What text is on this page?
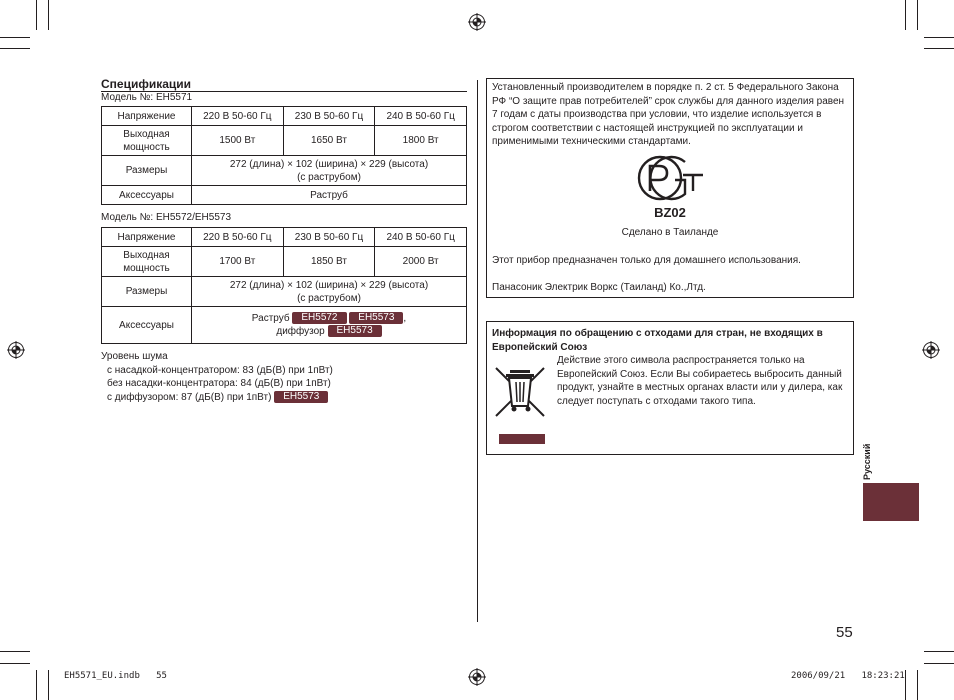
Спецификации
Модель №: EH5571
Напряжение	220 В 50-60 Гц	230 В 50-60 Гц	240 В 50-60 Гц
Выходная мощность	1500 Вт	1650 Вт	1800 Вт
Размеры	272 (длина) × 102 (ширина) × 229 (высота)
(с раструбом)		

Аксессуары	Раструб		
Модель №: EH5572/EH5573
Напряжение	220 В 50-60 Гц	230 В 50-60 Гц	240 В 50-60 Гц
Выходная мощность	1700 Вт	1850 Вт	2000 Вт
Размеры	272 (длина) × 102 (ширина) × 229 (высота)
(с раструбом)		

Аксессуары	Раструб EH5572 EH5573 ,
диффузор EH5573		
Уровень шума
с насадкой-концентратором: 83 (дБ(В) при 1пВт)
без насадки-концентратора: 84 (дБ(В) при 1пВт)
с диффузором: 87 (дБ(В) при 1пВт) EH5573
Установленный производителем в порядке п. 2 ст. 5 Федерального Закона РФ “О защите прав потребителей” срок службы для данного изделия равен 7 годам с даты производства при условии, что изделие используется в строгом соответствии с настоящей инструкцией по эксплуатации и применимыми техническими стандартами.
BZ02
Сделано в Таиланде
Этот прибор предназначен только для домашнего использования.
Панасоник Электрик Воркс (Таиланд) Ко.,Лтд.
Информация по обращению с отходами для стран, не входящих в Европейский Союз
Действие этого символа распространяется только на Европейский Союз. Если Вы собираетесь выбросить данный продукт, узнайте в местных органах власти или у дилера, как следует поступать с отходами такого типа.
Русский
55
EH5571_EU.indb   55	2006/09/21   18:23:21
